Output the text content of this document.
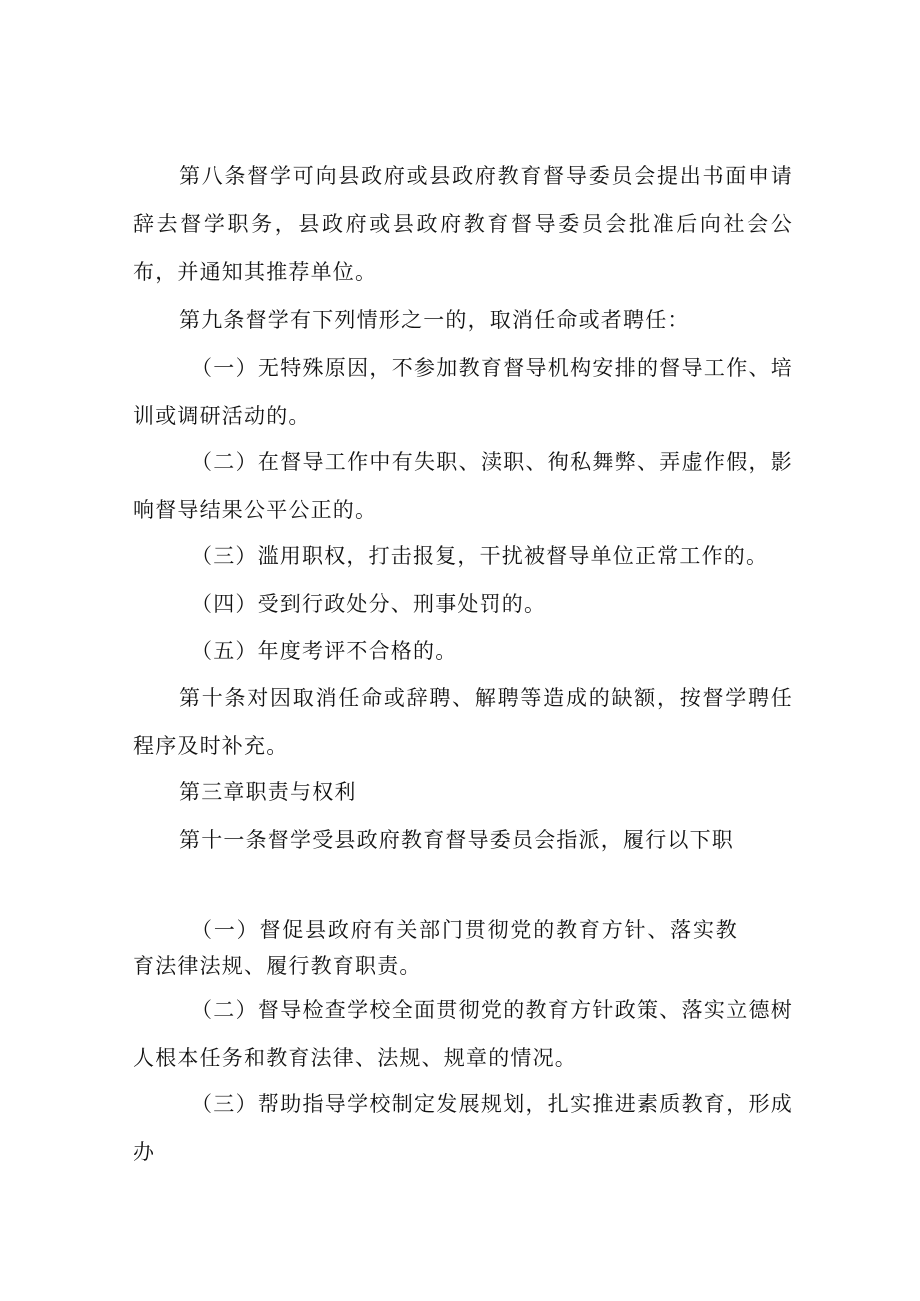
第八条督学可向县政府或县政府教育督导委员会提出书面申请辞去督学职务，县政府或县政府教育督导委员会批准后向社会公布，并通知其推荐单位。

第九条督学有下列情形之一的，取消任命或者聘任：

（一）无特殊原因，不参加教育督导机构安排的督导工作、培训或调研活动的。

（二）在督导工作中有失职、渎职、徇私舞弊、弄虚作假，影响督导结果公平公正的。

（三）滥用职权，打击报复，干扰被督导单位正常工作的。

（四）受到行政处分、刑事处罚的。

（五）年度考评不合格的。

第十条对因取消任命或辞聘、解聘等造成的缺额，按督学聘任程序及时补充。

第三章职责与权利

第十一条督学受县政府教育督导委员会指派，履行以下职

（一）督促县政府有关部门贯彻党的教育方针、落实教育法律法规、履行教育职责。

（二）督导检查学校全面贯彻党的教育方针政策、落实立德树人根本任务和教育法律、法规、规章的情况。

（三）帮助指导学校制定发展规划，扎实推进素质教育，形成办
